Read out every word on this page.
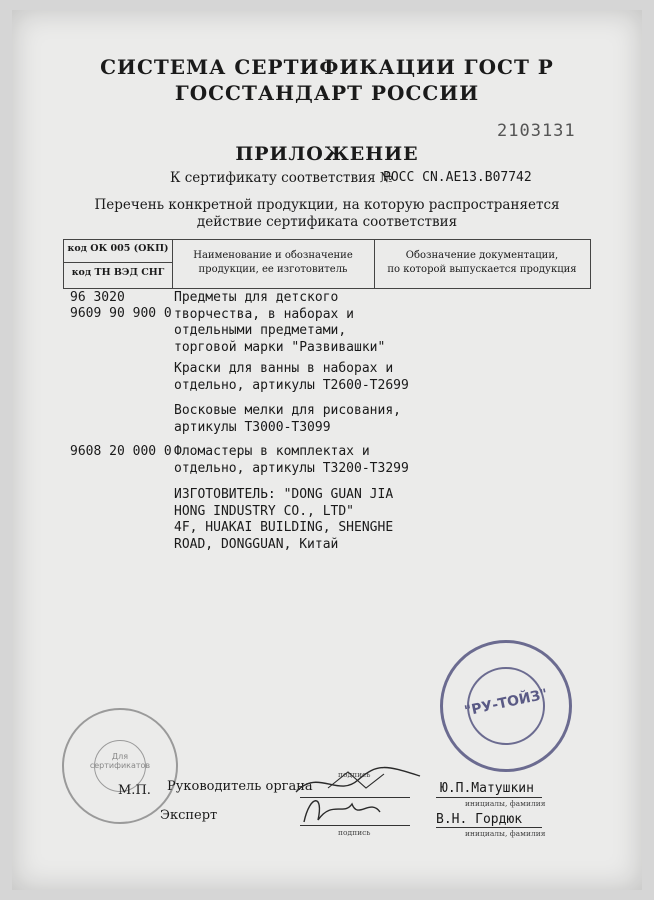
СИСТЕМА СЕРТИФИКАЦИИ ГОСТ Р
ГОССТАНДАРТ РОССИИ
2103131
ПРИЛОЖЕНИЕ
К сертификату соответствия №
РОСС CN.АЕ13.В07742
Перечень конкретной продукции, на которую распространяется
действие сертификата соответствия
код ОК 005 (ОКП)
код ТН ВЭД СНГ
Наименование и обозначение
продукции, ее изготовитель
Обозначение документации,
по которой выпускается продукция
96 3020
9609 90 900 0
9608 20 000 0
Предметы для детского
творчества, в наборах и
отдельными предметами,
торговой марки "Развивашки"
Краски для ванны в наборах и
отдельно, артикулы Т2600-Т2699
Восковые мелки для рисования,
артикулы Т3000-Т3099
Фломастеры в комплектах и
отдельно, артикулы Т3200-Т3299
ИЗГОТОВИТЕЛЬ: "DONG GUAN JIA
HONG INDUSTRY CO., LTD"
4F, HUAKAI BUILDING, SHENGHE
ROAD, DONGGUAN, Китай
Для
сертификатов
"РУ-ТОЙЗ"
М.П. Руководитель органа
подпись
Ю.П.Матушкин
инициалы, фамилия
Эксперт
подпись
В.Н. Гордюк
инициалы, фамилия
